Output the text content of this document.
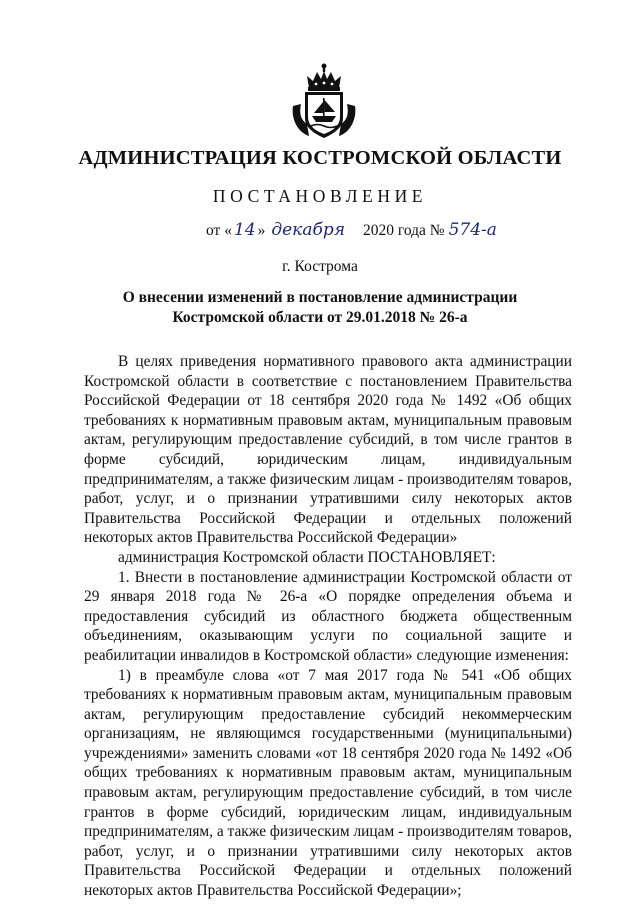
АДМИНИСТРАЦИЯ КОСТРОМСКОЙ ОБЛАСТИ
ПОСТАНОВЛЕНИЕ
от « 14 » декабря 2020 года № 574-а
г. Кострома
О внесении изменений в постановление администрации Костромской области от 29.01.2018 № 26-а

В целях приведения нормативного правового акта администрации Костромской области в соответствие с постановлением Правительства Российской Федерации от 18 сентября 2020 года № 1492 «Об общих требованиях к нормативным правовым актам, муниципальным правовым актам, регулирующим предоставление субсидий, в том числе грантов в форме субсидий, юридическим лицам, индивидуальным предпринимателям, а также физическим лицам - производителям товаров, работ, услуг, и о признании утратившими силу некоторых актов Правительства Российской Федерации и отдельных положений некоторых актов Правительства Российской Федерации»

администрация Костромской области ПОСТАНОВЛЯЕТ:

1. Внести в постановление администрации Костромской области от 29 января 2018 года № 26-а «О порядке определения объема и предоставления субсидий из областного бюджета общественным объединениям, оказывающим услуги по социальной защите и реабилитации инвалидов в Костромской области» следующие изменения:

1) в преамбуле слова «от 7 мая 2017 года № 541 «Об общих требованиях к нормативным правовым актам, муниципальным правовым актам, регулирующим предоставление субсидий некоммерческим организациям, не являющимся государственными (муниципальными) учреждениями» заменить словами «от 18 сентября 2020 года № 1492 «Об общих требованиях к нормативным правовым актам, муниципальным правовым актам, регулирующим предоставление субсидий, в том числе грантов в форме субсидий, юридическим лицам, индивидуальным предпринимателям, а также физическим лицам - производителям товаров, работ, услуг, и о признании утратившими силу некоторых актов Правительства Российской Федерации и отдельных положений некоторых актов Правительства Российской Федерации»;
